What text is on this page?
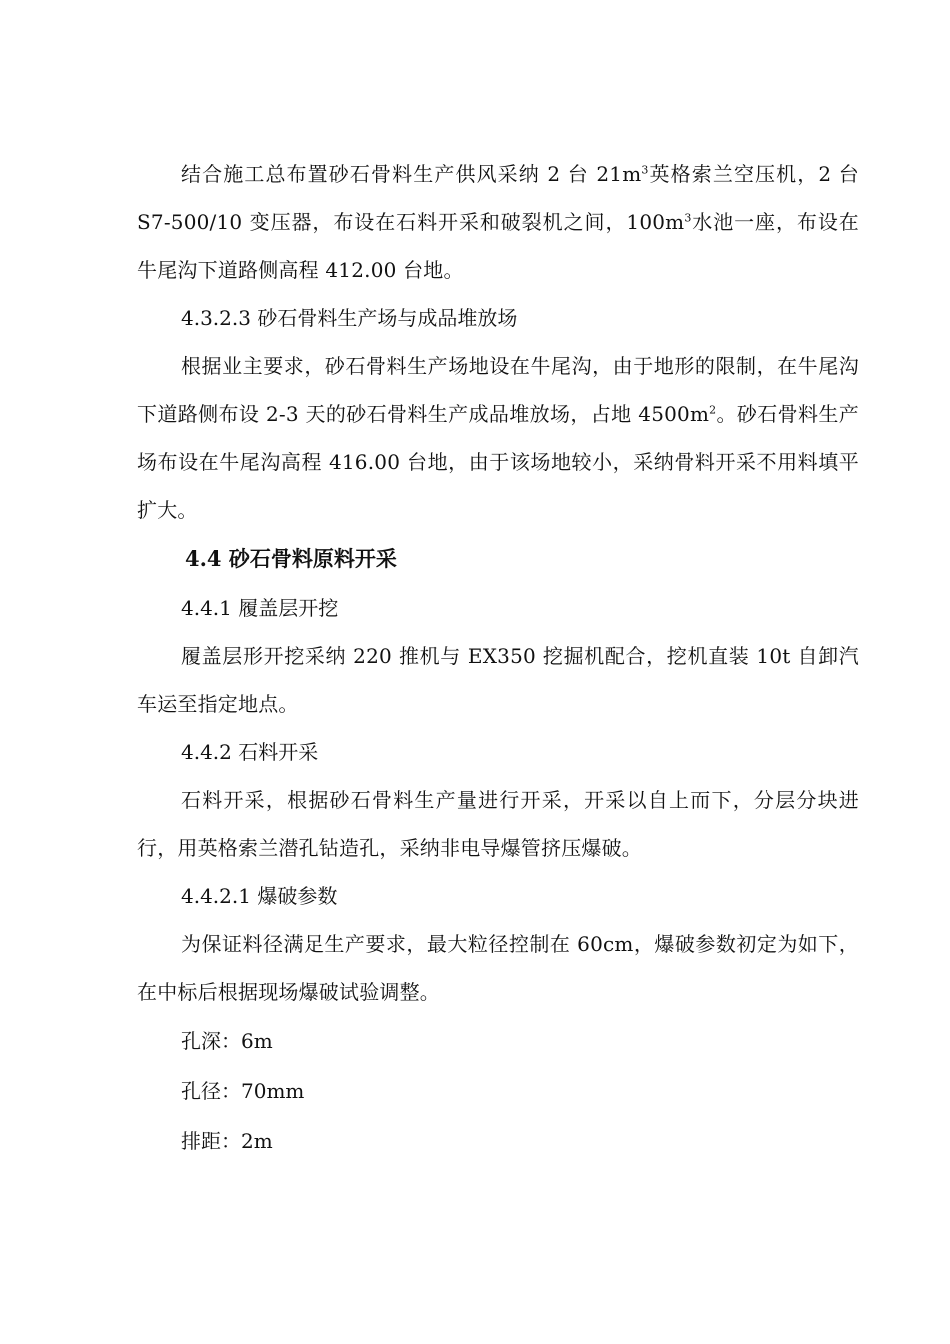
结合施工总布置砂石骨料生产供风采纳 2 台 $21m^3$英格索兰空压机，2 台 S7-500/10 变压器，布设在石料开采和破裂机之间，$100m^3$水池一座，布设在牛尾沟下道路侧高程 412.00 台地。

4.3.2.3 砂石骨料生产场与成品堆放场

根据业主要求，砂石骨料生产场地设在牛尾沟，由于地形的限制，在牛尾沟下道路侧布设 2-3 天的砂石骨料生产成品堆放场，占地 $4500m^2$。砂石骨料生产场布设在牛尾沟高程 416.00 台地，由于该场地较小，采纳骨料开采不用料填平扩大。

4.4 砂石骨料原料开采

4.4.1 履盖层开挖

履盖层形开挖采纳 220 推机与 EX350 挖掘机配合，挖机直装 10t 自卸汽车运至指定地点。

4.4.2 石料开采

石料开采，根据砂石骨料生产量进行开采，开采以自上而下，分层分块进行，用英格索兰潜孔钻造孔，采纳非电导爆管挤压爆破。

4.4.2.1 爆破参数

为保证料径满足生产要求，最大粒径控制在 60cm，爆破参数初定为如下，在中标后根据现场爆破试验调整。

孔深：6m

孔径：70mm

排距：2m
